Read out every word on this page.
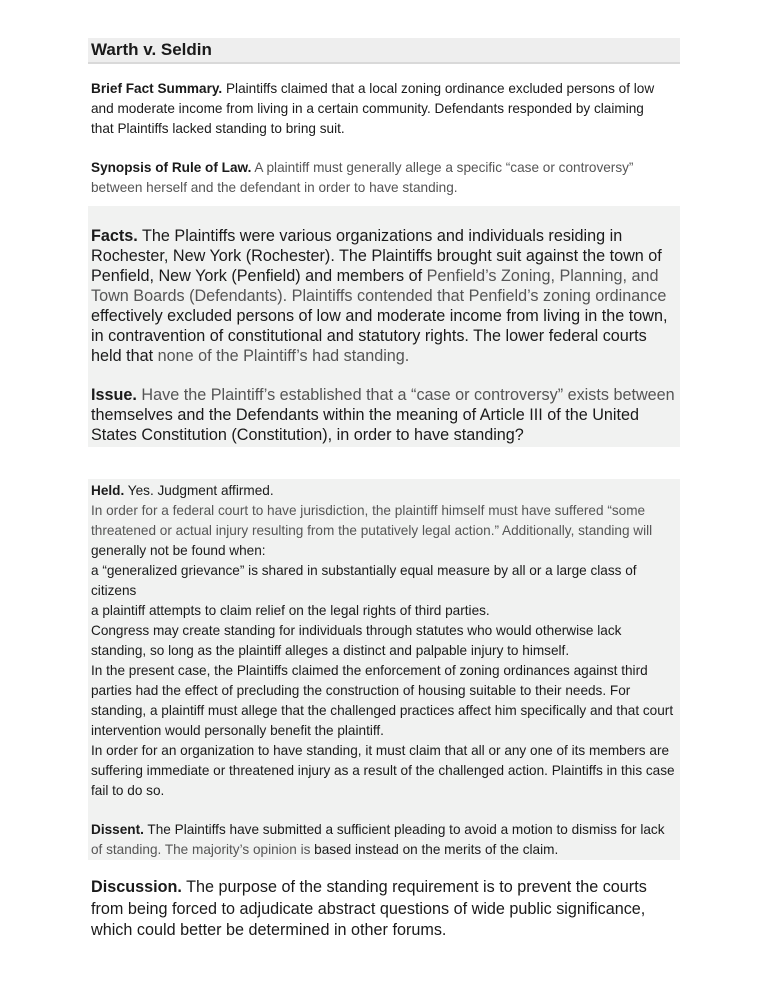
Warth v. Seldin
Brief Fact Summary. Plaintiffs claimed that a local zoning ordinance excluded persons of low and moderate income from living in a certain community. Defendants responded by claiming that Plaintiffs lacked standing to bring suit.
Synopsis of Rule of Law. A plaintiff must generally allege a specific “case or controversy” between herself and the defendant in order to have standing.
Facts. The Plaintiffs were various organizations and individuals residing in Rochester, New York (Rochester). The Plaintiffs brought suit against the town of Penfield, New York (Penfield) and members of Penfield’s Zoning, Planning, and Town Boards (Defendants). Plaintiffs contended that Penfield’s zoning ordinance effectively excluded persons of low and moderate income from living in the town, in contravention of constitutional and statutory rights. The lower federal courts held that none of the Plaintiff’s had standing.
Issue. Have the Plaintiff’s established that a “case or controversy” exists between themselves and the Defendants within the meaning of Article III of the United States Constitution (Constitution), in order to have standing?
Held. Yes. Judgment affirmed.
In order for a federal court to have jurisdiction, the plaintiff himself must have suffered “some threatened or actual injury resulting from the putatively legal action.” Additionally, standing will generally not be found when:
a “generalized grievance” is shared in substantially equal measure by all or a large class of citizens
a plaintiff attempts to claim relief on the legal rights of third parties.
Congress may create standing for individuals through statutes who would otherwise lack standing, so long as the plaintiff alleges a distinct and palpable injury to himself.
In the present case, the Plaintiffs claimed the enforcement of zoning ordinances against third parties had the effect of precluding the construction of housing suitable to their needs. For standing, a plaintiff must allege that the challenged practices affect him specifically and that court intervention would personally benefit the plaintiff.
In order for an organization to have standing, it must claim that all or any one of its members are suffering immediate or threatened injury as a result of the challenged action. Plaintiffs in this case fail to do so.
Dissent. The Plaintiffs have submitted a sufficient pleading to avoid a motion to dismiss for lack of standing. The majority’s opinion is based instead on the merits of the claim.
Discussion. The purpose of the standing requirement is to prevent the courts from being forced to adjudicate abstract questions of wide public significance, which could better be determined in other forums.
